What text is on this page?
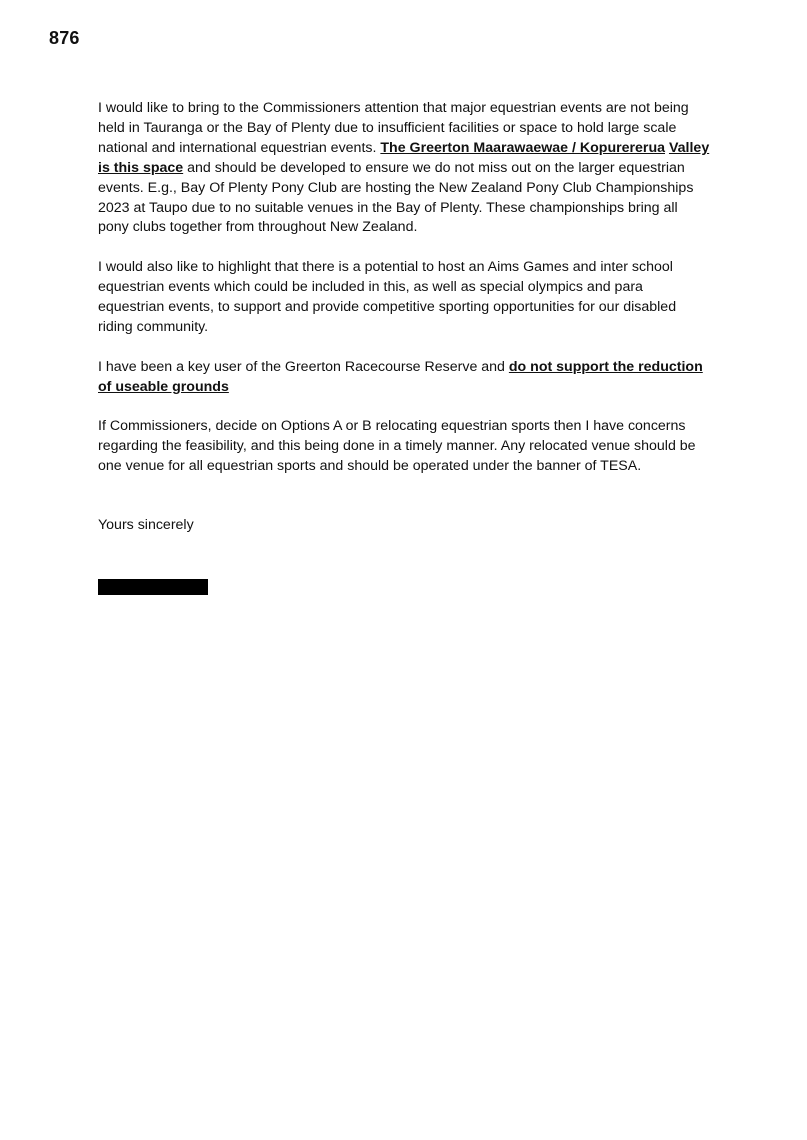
876

I would like to bring to the Commissioners attention that major equestrian events are not being held in Tauranga or the Bay of Plenty due to insufficient facilities or space to hold large scale national and international equestrian events. The Greerton Maarawaewae / Kopurererua Valley is this space and should be developed to ensure we do not miss out on the larger equestrian events. E.g., Bay Of Plenty Pony Club are hosting the New Zealand Pony Club Championships 2023 at Taupo due to no suitable venues in the Bay of Plenty. These championships bring all pony clubs together from throughout New Zealand.

I would also like to highlight that there is a potential to host an Aims Games and inter school equestrian events which could be included in this, as well as special olympics and para equestrian events, to support and provide competitive sporting opportunities for our disabled riding community.

I have been a key user of the Greerton Racecourse Reserve and do not support the reduction of useable grounds

If Commissioners, decide on Options A or B relocating equestrian sports then I have concerns regarding the feasibility, and this being done in a timely manner. Any relocated venue should be one venue for all equestrian sports and should be operated under the banner of TESA.

Yours sincerely
